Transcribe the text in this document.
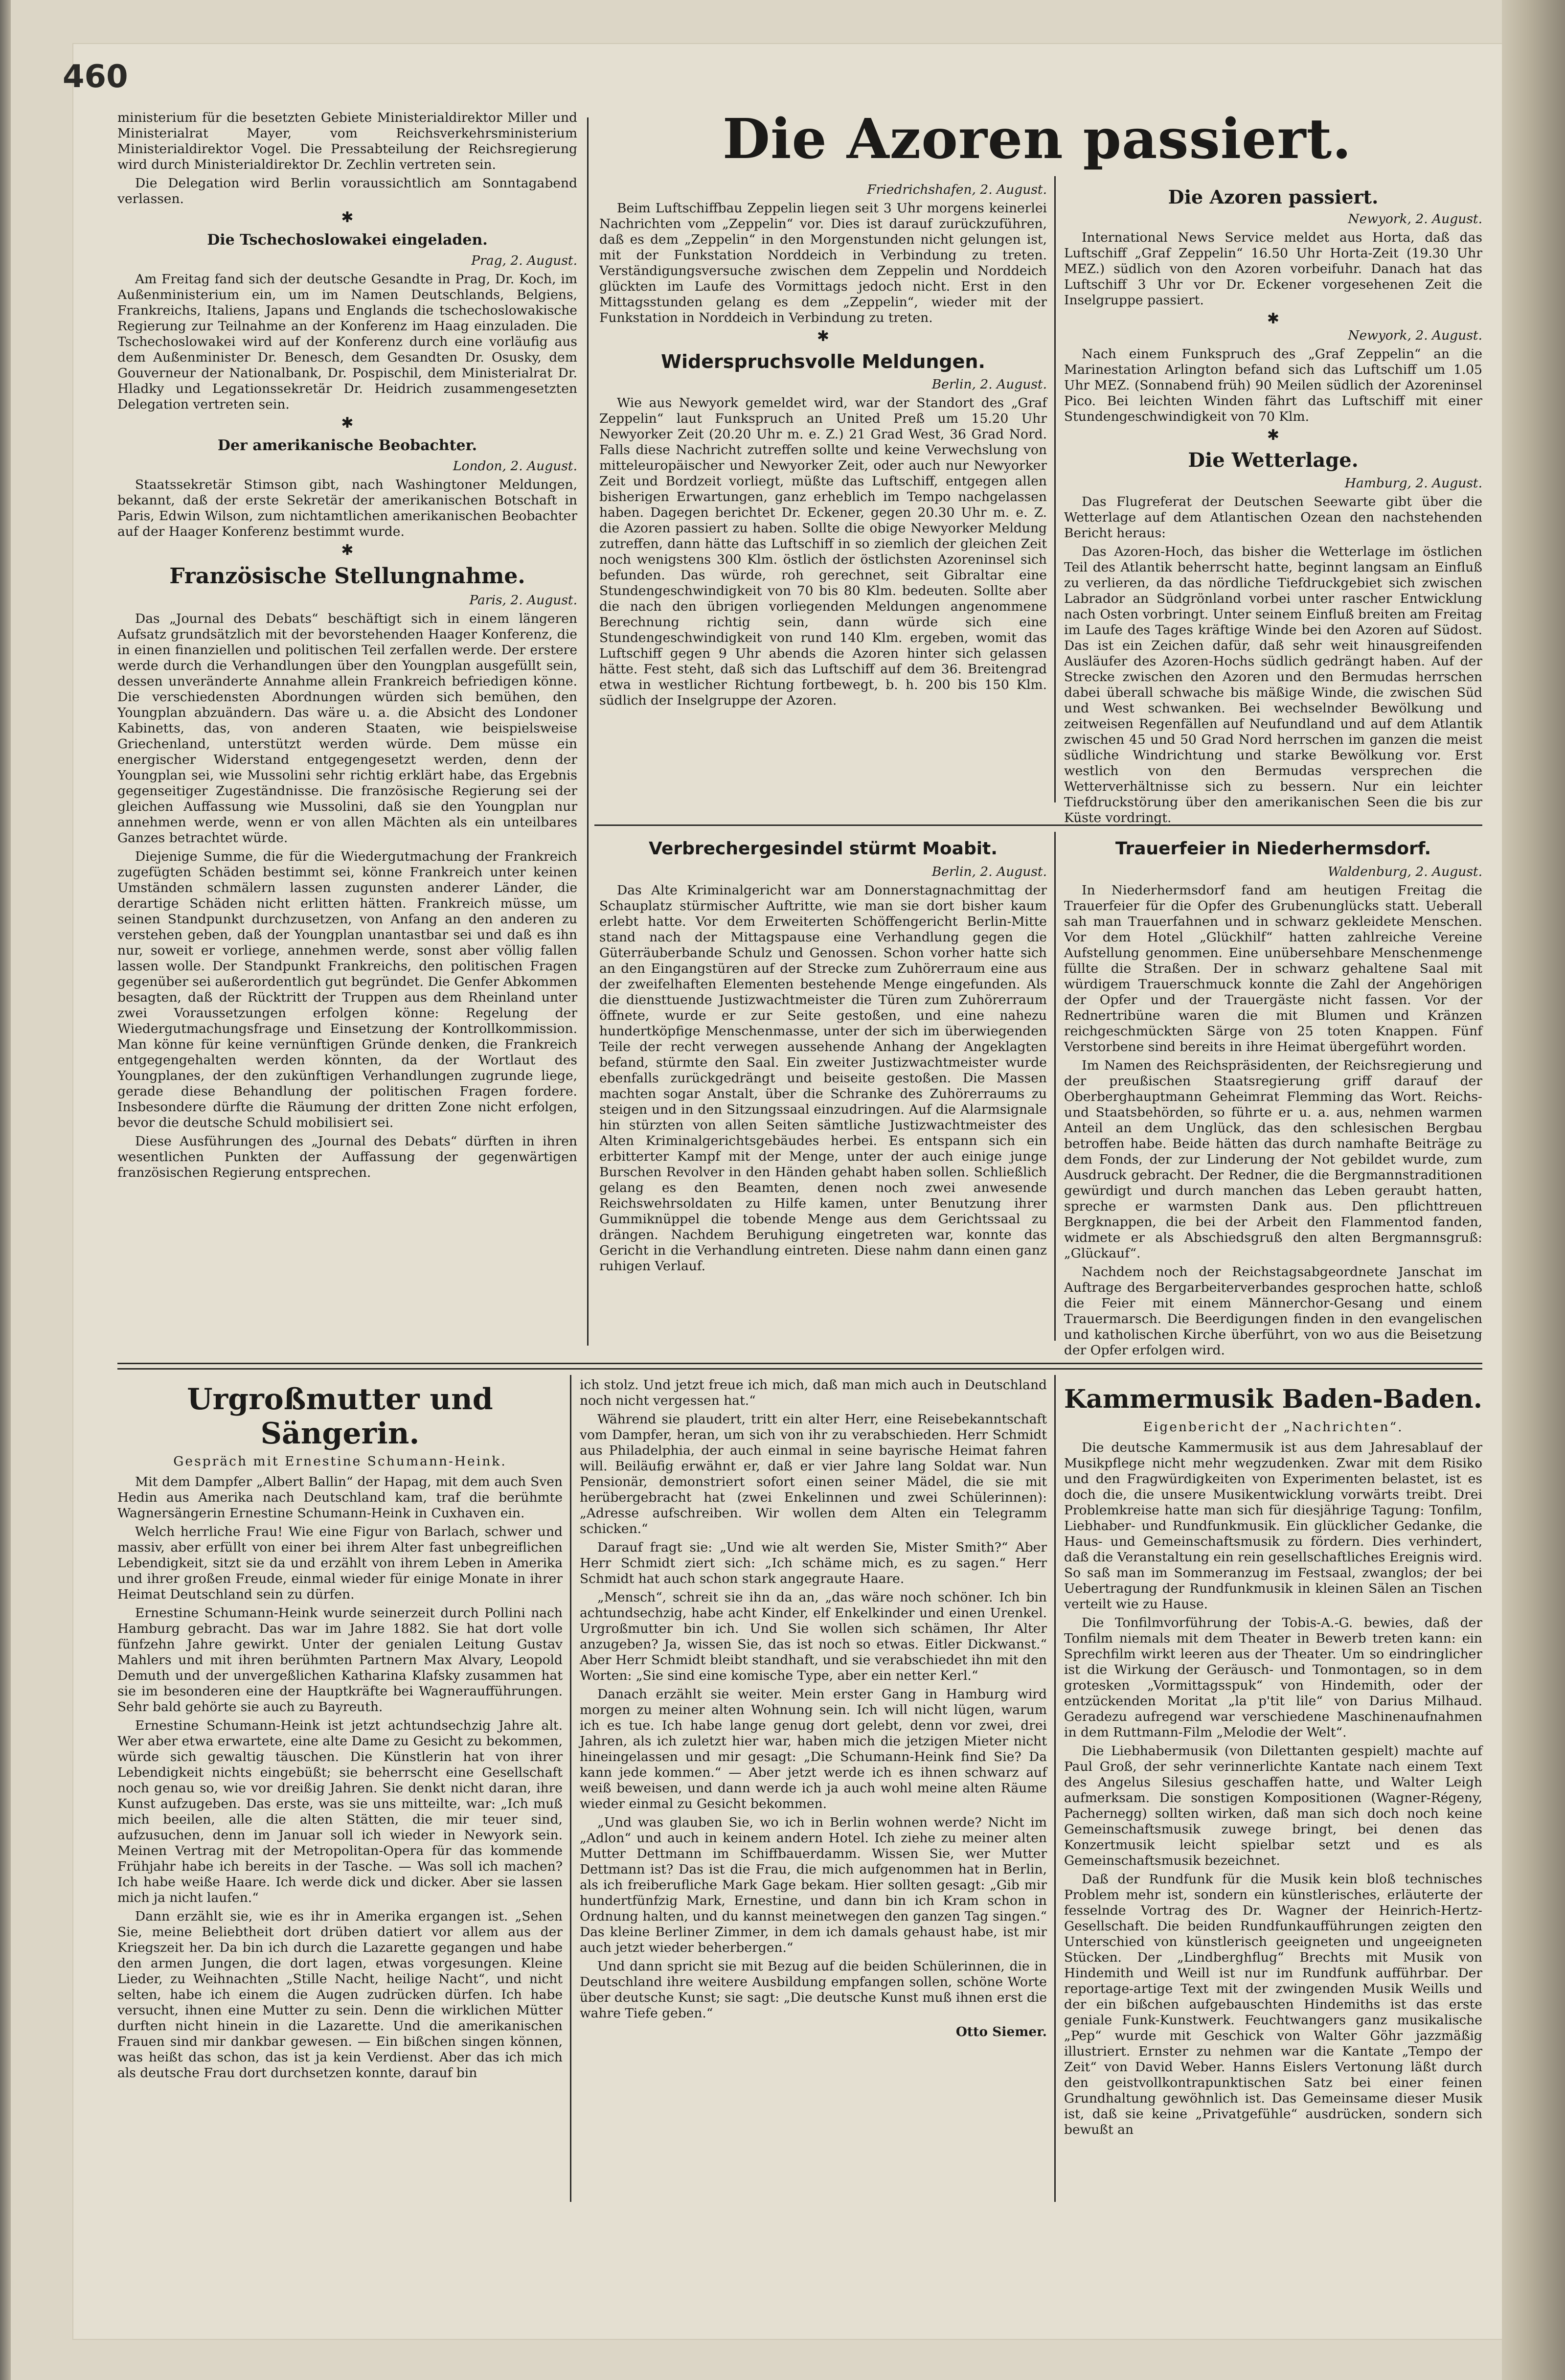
460

ministerium für die besetzten Gebiete Ministerialdirektor Miller und Ministerialrat Mayer, vom Reichsverkehrsministerium Ministerialdirektor Vogel. Die Pressabteilung der Reichsregierung wird durch Ministerialdirektor Dr. Zechlin vertreten sein.

Die Delegation wird Berlin voraussichtlich am Sonntagabend verlassen.

✱
Die Tschechoslowakei eingeladen.
Prag, 2. August.

Am Freitag fand sich der deutsche Gesandte in Prag, Dr. Koch, im Außenministerium ein, um im Namen Deutschlands, Belgiens, Frankreichs, Italiens, Japans und Englands die tschechoslowakische Regierung zur Teilnahme an der Konferenz im Haag einzuladen. Die Tschechoslowakei wird auf der Konferenz durch eine vorläufig aus dem Außenminister Dr. Benesch, dem Gesandten Dr. Osusky, dem Gouverneur der Nationalbank, Dr. Pospischil, dem Ministerialrat Dr. Hladky und Legationssekretär Dr. Heidrich zusammengesetzten Delegation vertreten sein.

✱
Der amerikanische Beobachter.
London, 2. August.

Staatssekretär Stimson gibt, nach Washingtoner Meldungen, bekannt, daß der erste Sekretär der amerikanischen Botschaft in Paris, Edwin Wilson, zum nichtamtlichen amerikanischen Beobachter auf der Haager Konferenz bestimmt wurde.

✱
Französische Stellungnahme.
Paris, 2. August.

Das „Journal des Debats“ beschäftigt sich in einem längeren Aufsatz grundsätzlich mit der bevorstehenden Haager Konferenz, die in einen finanziellen und politischen Teil zerfallen werde. Der erstere werde durch die Verhandlungen über den Youngplan ausgefüllt sein, dessen unveränderte Annahme allein Frankreich befriedigen könne. Die verschiedensten Abordnungen würden sich bemühen, den Youngplan abzuändern. Das wäre u. a. die Absicht des Londoner Kabinetts, das, von anderen Staaten, wie beispielsweise Griechenland, unterstützt werden würde. Dem müsse ein energischer Widerstand entgegengesetzt werden, denn der Youngplan sei, wie Mussolini sehr richtig erklärt habe, das Ergebnis gegenseitiger Zugeständnisse. Die französische Regierung sei der gleichen Auffassung wie Mussolini, daß sie den Youngplan nur annehmen werde, wenn er von allen Mächten als ein unteilbares Ganzes betrachtet würde.

Diejenige Summe, die für die Wiedergutmachung der Frankreich zugefügten Schäden bestimmt sei, könne Frankreich unter keinen Umständen schmälern lassen zugunsten anderer Länder, die derartige Schäden nicht erlitten hätten. Frankreich müsse, um seinen Standpunkt durchzusetzen, von Anfang an den anderen zu verstehen geben, daß der Youngplan unantastbar sei und daß es ihn nur, soweit er vorliege, annehmen werde, sonst aber völlig fallen lassen wolle. Der Standpunkt Frankreichs, den politischen Fragen gegenüber sei außerordentlich gut begründet. Die Genfer Abkommen besagten, daß der Rücktritt der Truppen aus dem Rheinland unter zwei Voraussetzungen erfolgen könne: Regelung der Wiedergutmachungsfrage und Einsetzung der Kontrollkommission. Man könne für keine vernünftigen Gründe denken, die Frankreich entgegengehalten werden könnten, da der Wortlaut des Youngplanes, der den zukünftigen Verhandlungen zugrunde liege, gerade diese Behandlung der politischen Fragen fordere. Insbesondere dürfte die Räumung der dritten Zone nicht erfolgen, bevor die deutsche Schuld mobilisiert sei.

Diese Ausführungen des „Journal des Debats“ dürften in ihren wesentlichen Punkten der Auffassung der gegenwärtigen französischen Regierung entsprechen.

Die Azoren passiert.
Friedrichshafen, 2. August.

Beim Luftschiffbau Zeppelin liegen seit 3 Uhr morgens keinerlei Nachrichten vom „Zeppelin“ vor. Dies ist darauf zurückzuführen, daß es dem „Zeppelin“ in den Morgenstunden nicht gelungen ist, mit der Funkstation Norddeich in Verbindung zu treten. Verständigungsversuche zwischen dem Zeppelin und Norddeich glückten im Laufe des Vormittags jedoch nicht. Erst in den Mittagsstunden gelang es dem „Zeppelin“, wieder mit der Funkstation in Norddeich in Verbindung zu treten.

✱
Widerspruchsvolle Meldungen.
Berlin, 2. August.

Wie aus Newyork gemeldet wird, war der Standort des „Graf Zeppelin“ laut Funkspruch an United Preß um 15.20 Uhr Newyorker Zeit (20.20 Uhr m. e. Z.) 21 Grad West, 36 Grad Nord. Falls diese Nachricht zutreffen sollte und keine Verwechslung von mitteleuropäischer und Newyorker Zeit, oder auch nur Newyorker Zeit und Bordzeit vorliegt, müßte das Luftschiff, entgegen allen bisherigen Erwartungen, ganz erheblich im Tempo nachgelassen haben. Dagegen berichtet Dr. Eckener, gegen 20.30 Uhr m. e. Z. die Azoren passiert zu haben. Sollte die obige Newyorker Meldung zutreffen, dann hätte das Luftschiff in so ziemlich der gleichen Zeit noch wenigstens 300 Klm. östlich der östlichsten Azoreninsel sich befunden. Das würde, roh gerechnet, seit Gibraltar eine Stundengeschwindigkeit von 70 bis 80 Klm. bedeuten. Sollte aber die nach den übrigen vorliegenden Meldungen angenommene Berechnung richtig sein, dann würde sich eine Stundengeschwindigkeit von rund 140 Klm. ergeben, womit das Luftschiff gegen 9 Uhr abends die Azoren hinter sich gelassen hätte. Fest steht, daß sich das Luftschiff auf dem 36. Breitengrad etwa in westlicher Richtung fortbewegt, b. h. 200 bis 150 Klm. südlich der Inselgruppe der Azoren.

Die Azoren passiert.
Newyork, 2. August.

International News Service meldet aus Horta, daß das Luftschiff „Graf Zeppelin“ 16.50 Uhr Horta-Zeit (19.30 Uhr MEZ.) südlich von den Azoren vorbeifuhr. Danach hat das Luftschiff 3 Uhr vor Dr. Eckener vorgesehenen Zeit die Inselgruppe passiert.

✱
Newyork, 2. August.

Nach einem Funkspruch des „Graf Zeppelin“ an die Marinestation Arlington befand sich das Luftschiff um 1.05 Uhr MEZ. (Sonnabend früh) 90 Meilen südlich der Azoreninsel Pico. Bei leichten Winden fährt das Luftschiff mit einer Stundengeschwindigkeit von 70 Klm.

✱
Die Wetterlage.
Hamburg, 2. August.

Das Flugreferat der Deutschen Seewarte gibt über die Wetterlage auf dem Atlantischen Ozean den nachstehenden Bericht heraus:

Das Azoren-Hoch, das bisher die Wetterlage im östlichen Teil des Atlantik beherrscht hatte, beginnt langsam an Einfluß zu verlieren, da das nördliche Tiefdruckgebiet sich zwischen Labrador an Südgrönland vorbei unter rascher Entwicklung nach Osten vorbringt. Unter seinem Einfluß breiten am Freitag im Laufe des Tages kräftige Winde bei den Azoren auf Südost. Das ist ein Zeichen dafür, daß sehr weit hinausgreifenden Ausläufer des Azoren-Hochs südlich gedrängt haben. Auf der Strecke zwischen den Azoren und den Bermudas herrschen dabei überall schwache bis mäßige Winde, die zwischen Süd und West schwanken. Bei wechselnder Bewölkung und zeitweisen Regenfällen auf Neufundland und auf dem Atlantik zwischen 45 und 50 Grad Nord herrschen im ganzen die meist südliche Windrichtung und starke Bewölkung vor. Erst westlich von den Bermudas versprechen die Wetterverhältnisse sich zu bessern. Nur ein leichter Tiefdruckstörung über den amerikanischen Seen die bis zur Küste vordringt.

Verbrechergesindel stürmt Moabit.
Berlin, 2. August.

Das Alte Kriminalgericht war am Donnerstagnachmittag der Schauplatz stürmischer Auftritte, wie man sie dort bisher kaum erlebt hatte. Vor dem Erweiterten Schöffengericht Berlin-Mitte stand nach der Mittagspause eine Verhandlung gegen die Güterräuberbande Schulz und Genossen. Schon vorher hatte sich an den Eingangstüren auf der Strecke zum Zuhörerraum eine aus der zweifelhaften Elementen bestehende Menge eingefunden. Als die diensttuende Justizwachtmeister die Türen zum Zuhörerraum öffnete, wurde er zur Seite gestoßen, und eine nahezu hundertköpfige Menschenmasse, unter der sich im überwiegenden Teile der recht verwegen aussehende Anhang der Angeklagten befand, stürmte den Saal. Ein zweiter Justizwachtmeister wurde ebenfalls zurückgedrängt und beiseite gestoßen. Die Massen machten sogar Anstalt, über die Schranke des Zuhörerraums zu steigen und in den Sitzungssaal einzudringen. Auf die Alarmsignale hin stürzten von allen Seiten sämtliche Justizwachtmeister des Alten Kriminalgerichtsgebäudes herbei. Es entspann sich ein erbitterter Kampf mit der Menge, unter der auch einige junge Burschen Revolver in den Händen gehabt haben sollen. Schließlich gelang es den Beamten, denen noch zwei anwesende Reichswehrsoldaten zu Hilfe kamen, unter Benutzung ihrer Gummiknüppel die tobende Menge aus dem Gerichtssaal zu drängen. Nachdem Beruhigung eingetreten war, konnte das Gericht in die Verhandlung eintreten. Diese nahm dann einen ganz ruhigen Verlauf.

Trauerfeier in Niederhermsdorf.
Waldenburg, 2. August.

In Niederhermsdorf fand am heutigen Freitag die Trauerfeier für die Opfer des Grubenunglücks statt. Ueberall sah man Trauerfahnen und in schwarz gekleidete Menschen. Vor dem Hotel „Glückhilf“ hatten zahlreiche Vereine Aufstellung genommen. Eine unübersehbare Menschenmenge füllte die Straßen. Der in schwarz gehaltene Saal mit würdigem Trauerschmuck konnte die Zahl der Angehörigen der Opfer und der Trauergäste nicht fassen. Vor der Rednertribüne waren die mit Blumen und Kränzen reichgeschmückten Särge von 25 toten Knappen. Fünf Verstorbene sind bereits in ihre Heimat übergeführt worden.

Im Namen des Reichspräsidenten, der Reichsregierung und der preußischen Staatsregierung griff darauf der Oberberghauptmann Geheimrat Flemming das Wort. Reichs- und Staatsbehörden, so führte er u. a. aus, nehmen warmen Anteil an dem Unglück, das den schlesischen Bergbau betroffen habe. Beide hätten das durch namhafte Beiträge zu dem Fonds, der zur Linderung der Not gebildet wurde, zum Ausdruck gebracht. Der Redner, die die Bergmannstraditionen gewürdigt und durch manchen das Leben geraubt hatten, spreche er warmsten Dank aus. Den pflichttreuen Bergknappen, die bei der Arbeit den Flammentod fanden, widmete er als Abschiedsgruß den alten Bergmannsgruß: „Glückauf“.

Nachdem noch der Reichstagsabgeordnete Janschat im Auftrage des Bergarbeiterverbandes gesprochen hatte, schloß die Feier mit einem Männerchor-Gesang und einem Trauermarsch. Die Beerdigungen finden in den evangelischen und katholischen Kirche überführt, von wo aus die Beisetzung der Opfer erfolgen wird.

Urgroßmutter und Sängerin.
Gespräch mit Ernestine Schumann-Heink.

Mit dem Dampfer „Albert Ballin“ der Hapag, mit dem auch Sven Hedin aus Amerika nach Deutschland kam, traf die berühmte Wagnersängerin Ernestine Schumann-Heink in Cuxhaven ein.

Welch herrliche Frau! Wie eine Figur von Barlach, schwer und massiv, aber erfüllt von einer bei ihrem Alter fast unbegreiflichen Lebendigkeit, sitzt sie da und erzählt von ihrem Leben in Amerika und ihrer großen Freude, einmal wieder für einige Monate in ihrer Heimat Deutschland sein zu dürfen.

Ernestine Schumann-Heink wurde seinerzeit durch Pollini nach Hamburg gebracht. Das war im Jahre 1882. Sie hat dort volle fünfzehn Jahre gewirkt. Unter der genialen Leitung Gustav Mahlers und mit ihren berühmten Partnern Max Alvary, Leopold Demuth und der unvergeßlichen Katharina Klafsky zusammen hat sie im besonderen eine der Hauptkräfte bei Wagneraufführungen. Sehr bald gehörte sie auch zu Bayreuth.

Ernestine Schumann-Heink ist jetzt achtundsechzig Jahre alt. Wer aber etwa erwartete, eine alte Dame zu Gesicht zu bekommen, würde sich gewaltig täuschen. Die Künstlerin hat von ihrer Lebendigkeit nichts eingebüßt; sie beherrscht eine Gesellschaft noch genau so, wie vor dreißig Jahren. Sie denkt nicht daran, ihre Kunst aufzugeben. Das erste, was sie uns mitteilte, war: „Ich muß mich beeilen, alle die alten Stätten, die mir teuer sind, aufzusuchen, denn im Januar soll ich wieder in Newyork sein. Meinen Vertrag mit der Metropolitan-Opera für das kommende Frühjahr habe ich bereits in der Tasche. — Was soll ich machen? Ich habe weiße Haare. Ich werde dick und dicker. Aber sie lassen mich ja nicht laufen.“

Dann erzählt sie, wie es ihr in Amerika ergangen ist. „Sehen Sie, meine Beliebtheit dort drüben datiert vor allem aus der Kriegszeit her. Da bin ich durch die Lazarette gegangen und habe den armen Jungen, die dort lagen, etwas vorgesungen. Kleine Lieder, zu Weihnachten „Stille Nacht, heilige Nacht“, und nicht selten, habe ich einem die Augen zudrücken dürfen. Ich habe versucht, ihnen eine Mutter zu sein. Denn die wirklichen Mütter durften nicht hinein in die Lazarette. Und die amerikanischen Frauen sind mir dankbar gewesen. — Ein bißchen singen können, was heißt das schon, das ist ja kein Verdienst. Aber das ich mich als deutsche Frau dort durchsetzen konnte, darauf bin

ich stolz. Und jetzt freue ich mich, daß man mich auch in Deutschland noch nicht vergessen hat.“

Während sie plaudert, tritt ein alter Herr, eine Reisebekanntschaft vom Dampfer, heran, um sich von ihr zu verabschieden. Herr Schmidt aus Philadelphia, der auch einmal in seine bayrische Heimat fahren will. Beiläufig erwähnt er, daß er vier Jahre lang Soldat war. Nun Pensionär, demonstriert sofort einen seiner Mädel, die sie mit herübergebracht hat (zwei Enkelinnen und zwei Schülerinnen): „Adresse aufschreiben. Wir wollen dem Alten ein Telegramm schicken.“

Darauf fragt sie: „Und wie alt werden Sie, Mister Smith?“ Aber Herr Schmidt ziert sich: „Ich schäme mich, es zu sagen.“ Herr Schmidt hat auch schon stark angegraute Haare.

„Mensch“, schreit sie ihn da an, „das wäre noch schöner. Ich bin achtundsechzig, habe acht Kinder, elf Enkelkinder und einen Urenkel. Urgroßmutter bin ich. Und Sie wollen sich schämen, Ihr Alter anzugeben? Ja, wissen Sie, das ist noch so etwas. Eitler Dickwanst.“ Aber Herr Schmidt bleibt standhaft, und sie verabschiedet ihn mit den Worten: „Sie sind eine komische Type, aber ein netter Kerl.“

Danach erzählt sie weiter. Mein erster Gang in Hamburg wird morgen zu meiner alten Wohnung sein. Ich will nicht lügen, warum ich es tue. Ich habe lange genug dort gelebt, denn vor zwei, drei Jahren, als ich zuletzt hier war, haben mich die jetzigen Mieter nicht hineingelassen und mir gesagt: „Die Schumann-Heink find Sie? Da kann jede kommen.“ — Aber jetzt werde ich es ihnen schwarz auf weiß beweisen, und dann werde ich ja auch wohl meine alten Räume wieder einmal zu Gesicht bekommen.

„Und was glauben Sie, wo ich in Berlin wohnen werde? Nicht im „Adlon“ und auch in keinem andern Hotel. Ich ziehe zu meiner alten Mutter Dettmann im Schiffbauerdamm. Wissen Sie, wer Mutter Dettmann ist? Das ist die Frau, die mich aufgenommen hat in Berlin, als ich freiberufliche Mark Gage bekam. Hier sollten gesagt: „Gib mir hundertfünfzig Mark, Ernestine, und dann bin ich Kram schon in Ordnung halten, und du kannst meinetwegen den ganzen Tag singen.“ Das kleine Berliner Zimmer, in dem ich damals gehaust habe, ist mir auch jetzt wieder beherbergen.“

Und dann spricht sie mit Bezug auf die beiden Schülerinnen, die in Deutschland ihre weitere Ausbildung empfangen sollen, schöne Worte über deutsche Kunst; sie sagt: „Die deutsche Kunst muß ihnen erst die wahre Tiefe geben.“

Otto Siemer.
Kammermusik Baden-Baden.
Eigenbericht der „Nachrichten“.

Die deutsche Kammermusik ist aus dem Jahresablauf der Musikpflege nicht mehr wegzudenken. Zwar mit dem Risiko und den Fragwürdigkeiten von Experimenten belastet, ist es doch die, die unsere Musikentwicklung vorwärts treibt. Drei Problemkreise hatte man sich für diesjährige Tagung: Tonfilm, Liebhaber- und Rundfunkmusik. Ein glücklicher Gedanke, die Haus- und Gemeinschaftsmusik zu fördern. Dies verhindert, daß die Veranstaltung ein rein gesellschaftliches Ereignis wird. So saß man im Sommeranzug im Festsaal, zwanglos; der bei Uebertragung der Rundfunkmusik in kleinen Sälen an Tischen verteilt wie zu Hause.

Die Tonfilmvorführung der Tobis-A.-G. bewies, daß der Tonfilm niemals mit dem Theater in Bewerb treten kann: ein Sprechfilm wirkt leeren aus der Theater. Um so eindringlicher ist die Wirkung der Geräusch- und Tonmontagen, so in dem grotesken „Vormittagsspuk“ von Hindemith, oder der entzückenden Moritat „la p'tit lile“ von Darius Milhaud. Geradezu aufregend war verschiedene Maschinenaufnahmen in dem Ruttmann-Film „Melodie der Welt“.

Die Liebhabermusik (von Dilettanten gespielt) machte auf Paul Groß, der sehr verinnerlichte Kantate nach einem Text des Angelus Silesius geschaffen hatte, und Walter Leigh aufmerksam. Die sonstigen Kompositionen (Wagner-Régeny, Pachernegg) sollten wirken, daß man sich doch noch keine Gemeinschaftsmusik zuwege bringt, bei denen das Konzertmusik leicht spielbar setzt und es als Gemeinschaftsmusik bezeichnet.

Daß der Rundfunk für die Musik kein bloß technisches Problem mehr ist, sondern ein künstlerisches, erläuterte der fesselnde Vortrag des Dr. Wagner der Heinrich-Hertz-Gesellschaft. Die beiden Rundfunkaufführungen zeigten den Unterschied von künstlerisch geeigneten und ungeeigneten Stücken. Der „Lindberghflug“ Brechts mit Musik von Hindemith und Weill ist nur im Rundfunk aufführbar. Der reportage-artige Text mit der zwingenden Musik Weills und der ein bißchen aufgebauschten Hindemiths ist das erste geniale Funk-Kunstwerk. Feuchtwangers ganz musikalische „Pep“ wurde mit Geschick von Walter Göhr jazzmäßig illustriert. Ernster zu nehmen war die Kantate „Tempo der Zeit“ von David Weber. Hanns Eislers Vertonung läßt durch den geistvollkontrapunktischen Satz bei einer feinen Grundhaltung gewöhnlich ist. Das Gemeinsame dieser Musik ist, daß sie keine „Privatgefühle“ ausdrücken, sondern sich bewußt an
